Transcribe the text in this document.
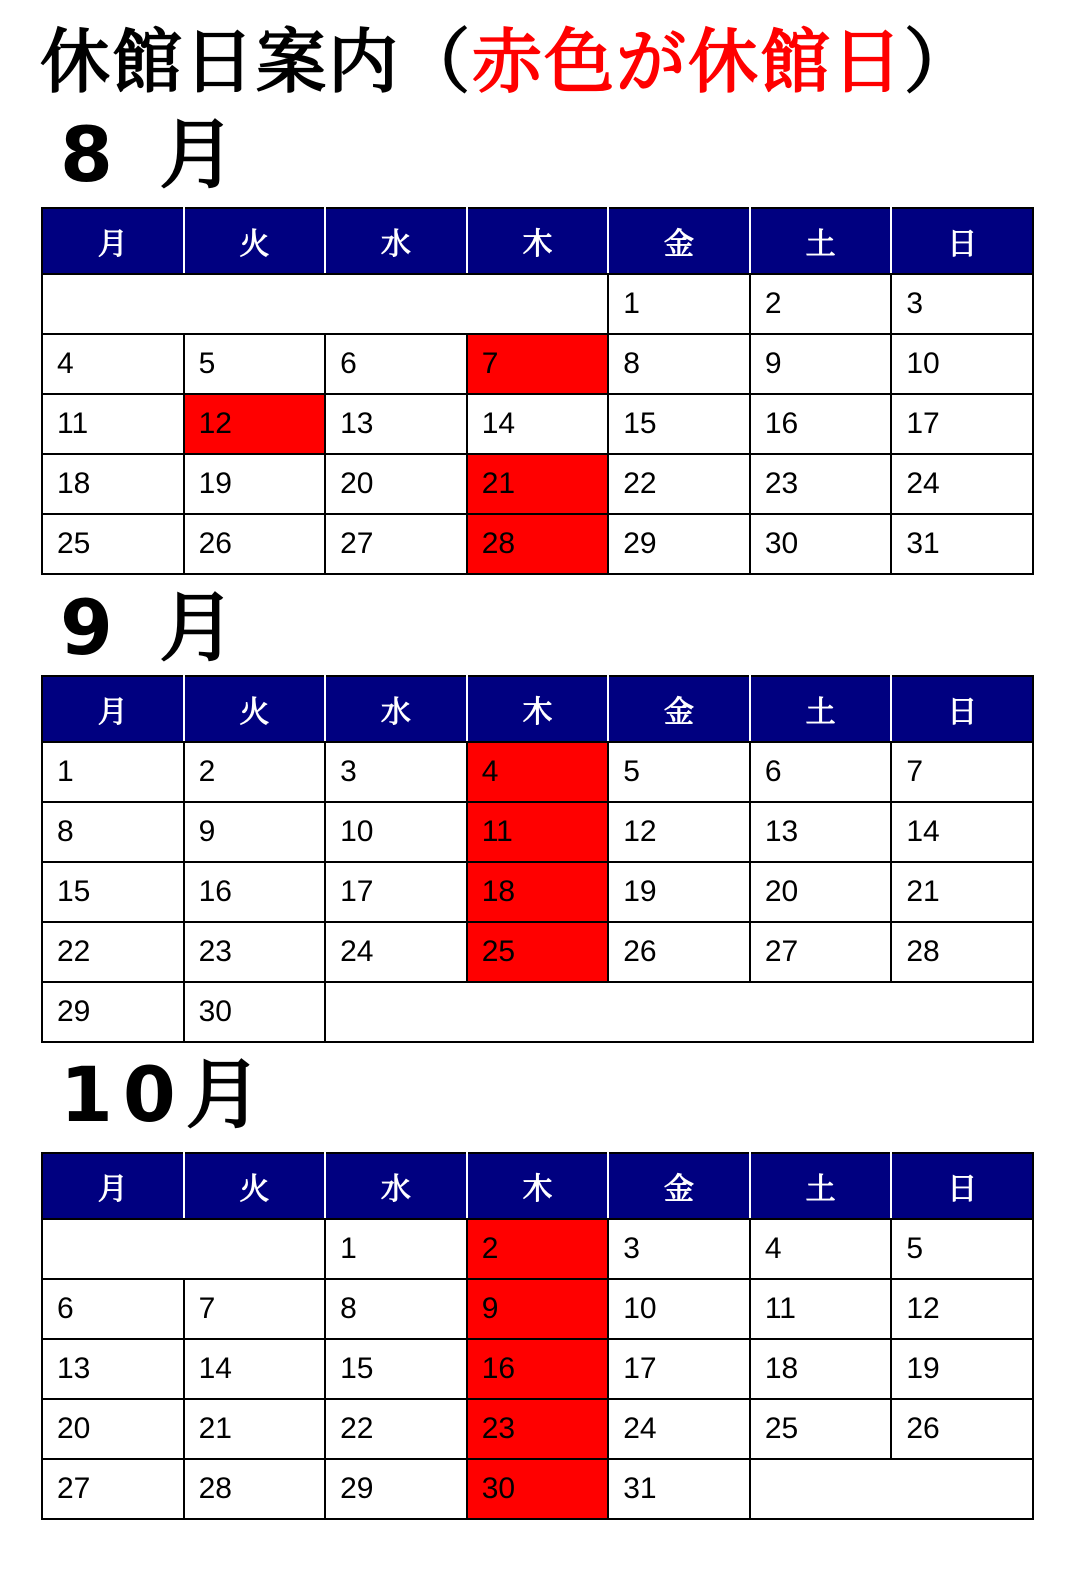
休館日案内（赤色が休館日）
8 月
月	火	水	木	金	土	日
				1	2	3
4	5	6	7	8	9	10
11	12	13	14	15	16	17
18	19	20	21	22	23	24
25	26	27	28	29	30	31
9 月
月	火	水	木	金	土	日
1	2	3	4	5	6	7
8	9	10	11	12	13	14
15	16	17	18	19	20	21
22	23	24	25	26	27	28
29	30					
10月
月	火	水	木	金	土	日
		1	2	3	4	5
6	7	8	9	10	11	12
13	14	15	16	17	18	19
20	21	22	23	24	25	26
27	28	29	30	31		
